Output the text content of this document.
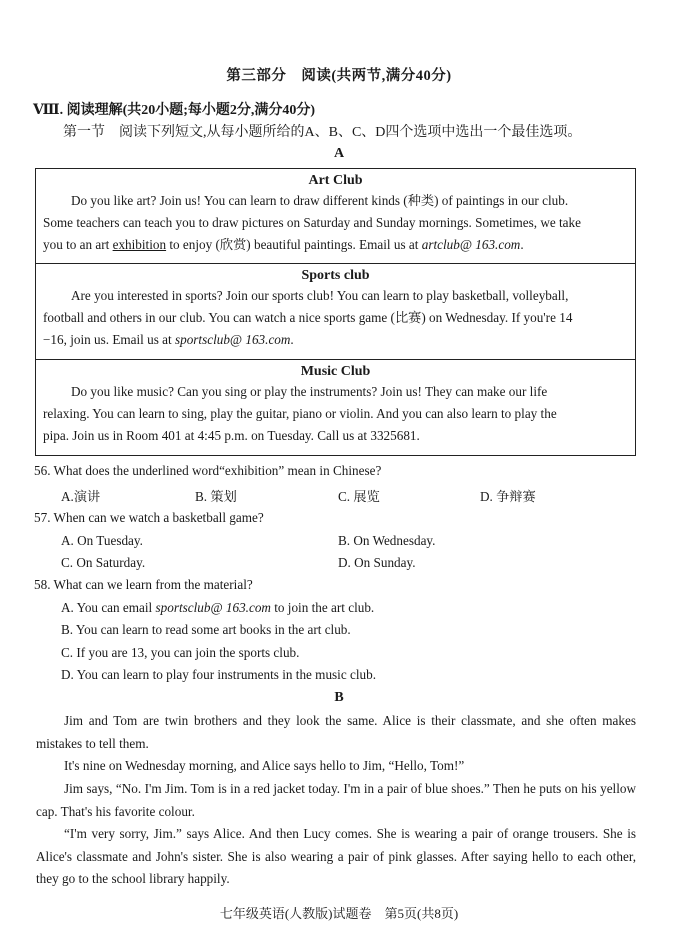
第三部分　阅读(共两节,满分40分)
Ⅷ. 阅读理解(共20小题;每小题2分,满分40分)
第一节　阅读下列短文,从每小题所给的A、B、C、D四个选项中选出一个最佳选项。
A
Art Club
Do you like art? Join us! You can learn to draw different kinds (种类) of paintings in our club.
Some teachers can teach you to draw pictures on Saturday and Sunday mornings. Sometimes, we take
you to an art exhibition to enjoy (欣赏) beautiful paintings. Email us at artclub@ 163.com.
Sports club
Are you interested in sports? Join our sports club! You can learn to play basketball, volleyball,
football and others in our club. You can watch a nice sports game (比赛) on Wednesday. If you're 14
−16, join us. Email us at sportsclub@ 163.com.
Music Club
Do you like music? Can you sing or play the instruments? Join us! They can make our life
relaxing. You can learn to sing, play the guitar, piano or violin. And you can also learn to play the
pipa. Join us in Room 401 at 4:45 p.m. on Tuesday. Call us at 3325681.
56. What does the underlined word“exhibition” mean in Chinese?
A.演讲	B. 策划	C. 展览	D. 争辩赛
57. When can we watch a basketball game?
A. On Tuesday.	B. On Wednesday.
C. On Saturday.	D. On Sunday.
58. What can we learn from the material?
A. You can email sportsclub@ 163.com to join the art club.
B. You can learn to read some art books in the art club.
C. If you are 13, you can join the sports club.
D. You can learn to play four instruments in the music club.
B
Jim and Tom are twin brothers and they look the same. Alice is their classmate, and she often makes mistakes to tell them.
It's nine on Wednesday morning, and Alice says hello to Jim, “Hello, Tom!”
Jim says, “No. I'm Jim. Tom is in a red jacket today. I'm in a pair of blue shoes.” Then he puts on his yellow cap. That's his favorite colour.
“I'm very sorry, Jim.” says Alice. And then Lucy comes. She is wearing a pair of orange trousers. She is Alice's classmate and John's sister. She is also wearing a pair of pink glasses. After saying hello to each other, they go to the school library happily.
七年级英语(人教版)试题卷　第5页(共8页)
